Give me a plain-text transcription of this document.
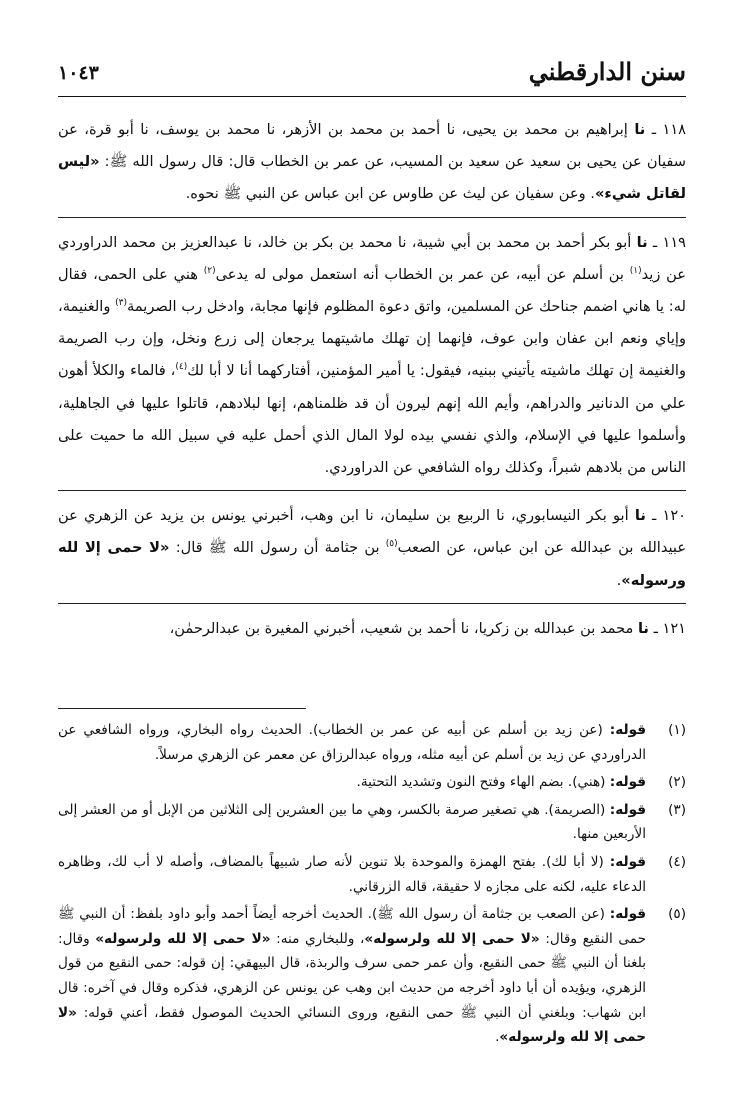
سنن الدارقطني
١٠٤٣

١١٨ ـ نا إبراهيم بن محمد بن يحيى، نا أحمد بن محمد بن الأزهر، نا محمد بن يوسف، نا أبو قرة، عن سفيان عن يحيى بن سعيد عن سعيد بن المسيب، عن عمر بن الخطاب قال: قال رسول الله ﷺ: «ليس لقاتل شيء». وعن سفيان عن ليث عن طاوس عن ابن عباس عن النبي ﷺ نحوه.

١١٩ ـ نا أبو بكر أحمد بن محمد بن أبي شيبة، نا محمد بن بكر بن خالد، نا عبدالعزيز بن محمد الدراوردي عن زيد$^{(١)}$ بن أسلم عن أبيه، عن عمر بن الخطاب أنه استعمل مولى له يدعى$^{(٢)}$ هني على الحمى، فقال له: يا هاني اضمم جناحك عن المسلمين، واتق دعوة المظلوم فإنها مجابة، وادخل رب الصريمة$^{(٣)}$ والغنيمة، وإياي ونعم ابن عفان وابن عوف، فإنهما إن تهلك ماشيتهما يرجعان إلى زرع ونخل، وإن رب الصريمة والغنيمة إن تهلك ماشيته يأتيني ببنيه، فيقول: يا أمير المؤمنين، أفتاركهما أنا لا أبا لك$^{(٤)}$، فالماء والكلأ أهون علي من الدنانير والدراهم، وأيم الله إنهم ليرون أن قد ظلمناهم، إنها لبلادهم، قاتلوا عليها في الجاهلية، وأسلموا عليها في الإسلام، والذي نفسي بيده لولا المال الذي أحمل عليه في سبيل الله ما حميت على الناس من بلادهم شبراً، وكذلك رواه الشافعي عن الدراوردي.

١٢٠ ـ نا أبو بكر النيسابوري، نا الربيع بن سليمان، نا ابن وهب، أخبرني يونس بن يزيد عن الزهري عن عبيدالله بن عبدالله عن ابن عباس، عن الصعب$^{(٥)}$ بن جثامة أن رسول الله ﷺ قال: «لا حمى إلا لله ورسوله».

١٢١ ـ نا محمد بن عبدالله بن زكريا، نا أحمد بن شعيب، أخبرني المغيرة بن عبدالرحمٰن،

(١)
قوله: (عن زيد بن أسلم عن أبيه عن عمر بن الخطاب). الحديث رواه البخاري، ورواه الشافعي عن الدراوردي عن زيد بن أسلم عن أبيه مثله، ورواه عبدالرزاق عن معمر عن الزهري مرسلاً.
(٢)
قوله: (هني). بضم الهاء وفتح النون وتشديد التحتية.
(٣)
قوله: (الصريمة). هي تصغير صرمة بالكسر، وهي ما بين العشرين إلى الثلاثين من الإبل أو من العشر إلى الأربعين منها.
(٤)
قوله: (لا أبا لك). بفتح الهمزة والموحدة بلا تنوين لأنه صار شبيهاً بالمضاف، وأصله لا أب لك، وظاهره الدعاء عليه، لكنه على مجازه لا حقيقة، قاله الزرقاني.
(٥)
قوله: (عن الصعب بن جثامة أن رسول الله ﷺ). الحديث أخرجه أيضاً أحمد وأبو داود بلفظ: أن النبي ﷺ حمى النقيع وقال: «لا حمى إلا لله ولرسوله»، وللبخاري منه: «لا حمى إلا لله ولرسوله» وقال: بلغنا أن النبي ﷺ حمى النقيع، وأن عمر حمى سرف والربذة، قال البيهقي: إن قوله: حمى النقيع من قول الزهري، ويؤيده أن أبا داود أخرجه من حديث ابن وهب عن يونس عن الزهري، فذكره وقال في آخره: قال ابن شهاب: وبلغني أن النبي ﷺ حمى النقيع، وروى النسائي الحديث الموصول فقط، أعني قوله: «لا حمى إلا لله ولرسوله».
